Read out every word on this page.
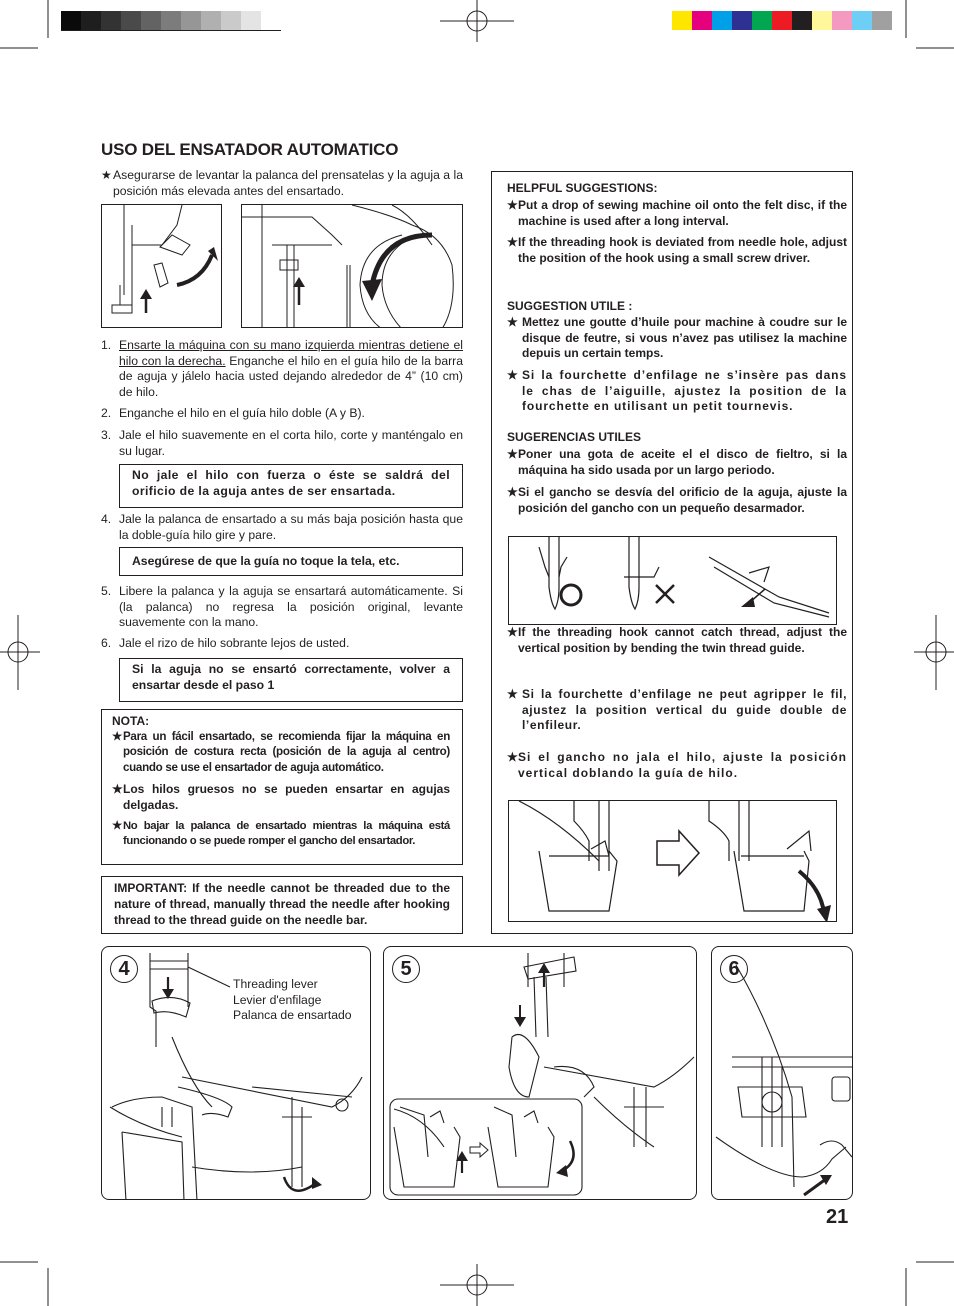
USO DEL ENSATADOR AUTOMATICO
★ Asegurarse de levantar la palanca del prensatelas y la aguja a la posición más elevada antes del ensartado.
1. Ensarte la máquina con su mano izquierda mientras detiene el hilo con la derecha. Enganche el hilo en el guía hilo de la barra de aguja y jálelo hacia usted dejando alrededor de 4” (10 cm) de hilo.
2. Enganche el hilo en el guía hilo doble (A y B).
3. Jale el hilo suavemente en el corta hilo, corte y manténgalo en su lugar.
No jale el hilo con fuerza o éste se saldrá del orificio de la aguja antes de ser ensartada.
4. Jale la palanca de ensartado a su más baja posición hasta que la doble-guía hilo gire y pare.
Asegúrese de que la guía no toque la tela, etc.
5. Libere la palanca y la aguja se ensartará automáticamente. Si (la palanca) no regresa la posición original, levante suavemente con la mano.
6. Jale el rizo de hilo sobrante lejos de usted.
Si la aguja no se ensartó correctamente, volver a ensartar desde el paso 1
NOTA:
★ Para un fácil ensartado, se recomienda fijar la máquina en posición de costura recta (posición de la aguja al centro) cuando se use el ensartador de aguja automático.
★ Los hilos gruesos no se pueden ensartar en agujas delgadas.
★ No bajar la palanca de ensartado mientras la máquina está funcionando o se puede romper el gancho del ensartador.
IMPORTANT: If the needle cannot be threaded due to the nature of thread, manually thread the needle after hooking thread to the thread guide on the needle bar.
HELPFUL SUGGESTIONS:
★ Put a drop of sewing machine oil onto the felt disc, if the machine is used after a long interval.
★ If the threading hook is deviated from needle hole, adjust the position of the hook using a small screw driver.
SUGGESTION UTILE :
★ Mettez une goutte d’huile pour machine à coudre sur le disque de feutre, si vous n’avez pas utilisez la machine depuis un certain temps.
★ Si la fourchette d’enfilage ne s’insère pas dans le chas de l’aiguille, ajustez la position de la fourchette en utilisant un petit tournevis.
SUGERENCIAS UTILES
★ Poner una gota de aceite el el disco de fieltro, si la máquina ha sido usada por un largo periodo.
★ Si el gancho se desvía del orificio de la aguja, ajuste la posición del gancho con un pequeño desarmador.
★ If the threading hook cannot catch thread, adjust the vertical position by bending the twin thread guide.
★ Si la fourchette d’enfilage ne peut agripper le fil, ajustez la position vertical du guide double de l’enfileur.
★ Si el gancho no jala el hilo, ajuste la posición vertical doblando la guía de hilo.
4
Threading lever
Levier d'enfilage
Palanca de ensartado
5	6
21
